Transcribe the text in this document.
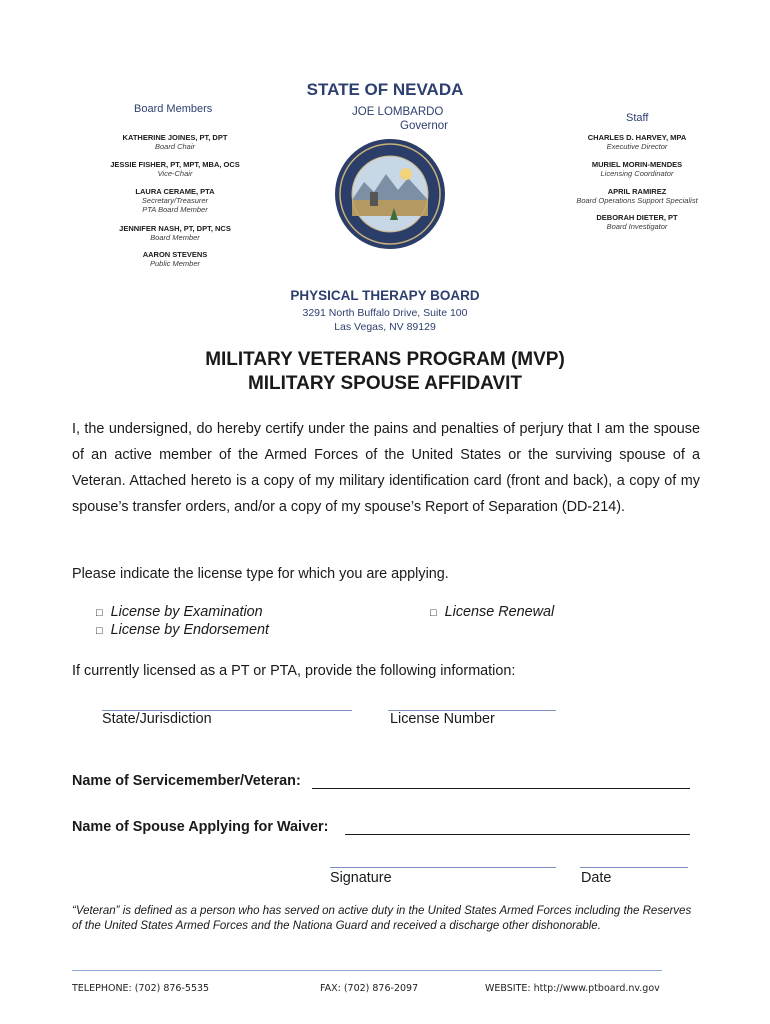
STATE OF NEVADA
Board Members	JOE LOMBARDO
Governor
Staff
KATHERINE JOINES, PT, DPT
Board Chair
JESSIE FISHER, PT, MPT, MBA, OCS
Vice-Chair
LAURA CERAME, PTA
Secretary/Treasurer
PTA Board Member
JENNIFER NASH, PT, DPT, NCS
Board Member
AARON STEVENS
Public Member
CHARLES D. HARVEY, MPA
Executive Director
MURIEL MORIN-MENDES
Licensing Coordinator
APRIL RAMIREZ
Board Operations Support Specialist
DEBORAH DIETER, PT
Board Investigator
PHYSICAL THERAPY BOARD
3291 North Buffalo Drive, Suite 100
Las Vegas, NV 89129
MILITARY VETERANS PROGRAM (MVP)
MILITARY SPOUSE AFFIDAVIT
I, the undersigned, do hereby certify under the pains and penalties of perjury that I am the spouse of an active member of the Armed Forces of the United States or the surviving spouse of a Veteran. Attached hereto is a copy of my military identification card (front and back), a copy of my spouse’s transfer orders, and/or a copy of my spouse’s Report of Separation (DD-214).
Please indicate the license type for which you are applying.
□ License by Examination
□ License by Endorsement
□ License Renewal
If currently licensed as a PT or PTA, provide the following information:
State/Jurisdiction	License Number
Name of Servicemember/Veteran:
Name of Spouse Applying for Waiver:
Signature	Date
“Veteran” is defined as a person who has served on active duty in the United States Armed Forces including the Reserves of the United States Armed Forces and the Nationa Guard and received a discharge other dishonorable.
TELEPHONE: (702) 876-5535	FAX: (702) 876-2097	WEBSITE: http://www.ptboard.nv.gov
